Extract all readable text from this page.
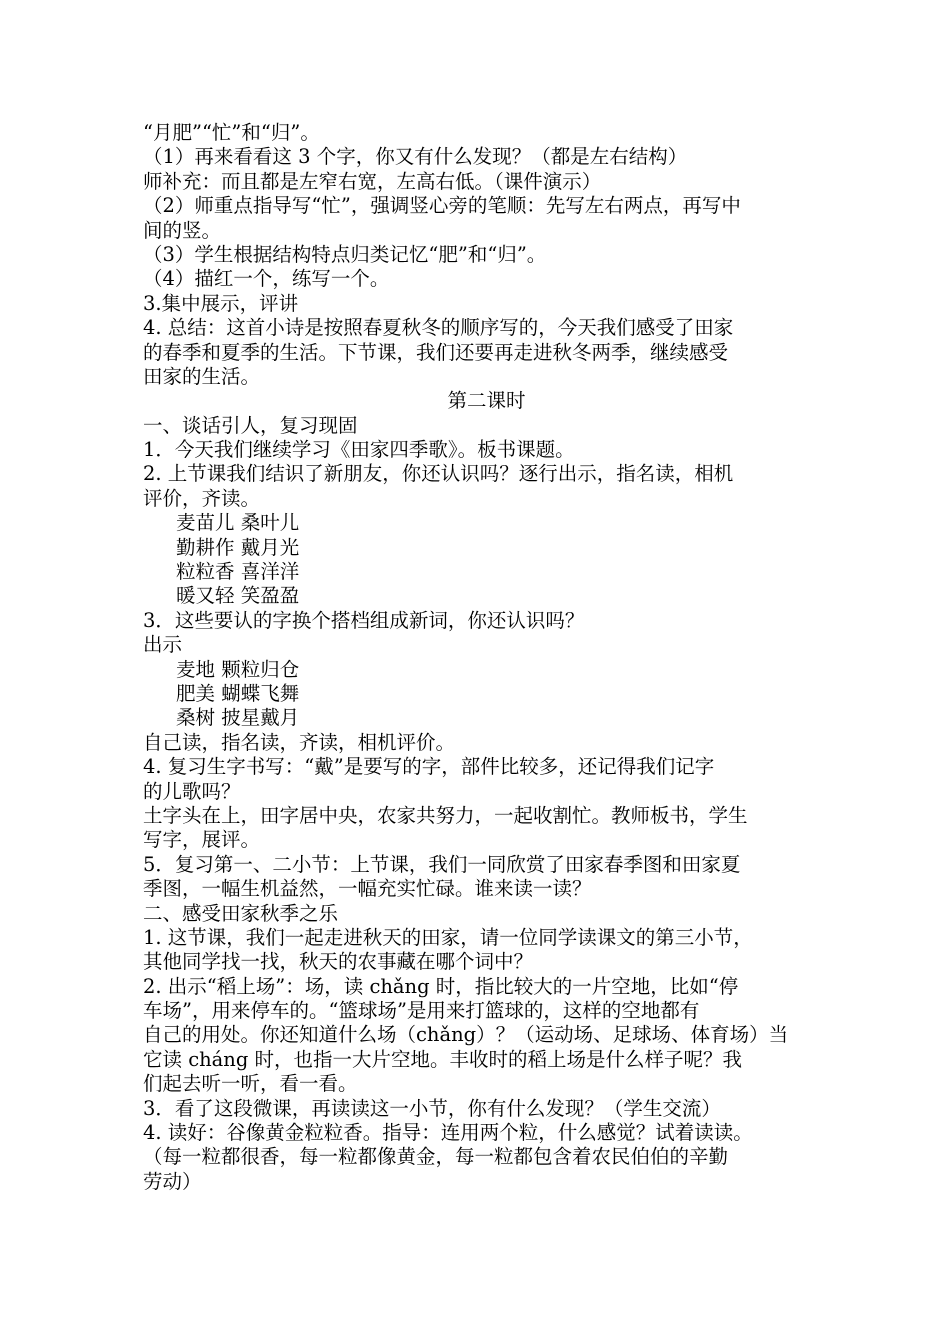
“月肥”“忙”和“归”。
（1）再来看看这 3 个字，你又有什么发现？（都是左右结构）
师补充：而且都是左窄右宽，左高右低。（课件演示）
（2）师重点指导写“忙”，强调竖心旁的笔顺：先写左右两点，再写中
间的竖。
（3）学生根据结构特点归类记忆“肥”和“归”。
（4）描红一个，练写一个。
3.集中展示，评讲
4. 总结：这首小诗是按照春夏秋冬的顺序写的，今天我们感受了田家
的春季和夏季的生活。下节课，我们还要再走进秋冬两季，继续感受
田家的生活。
第二课时
一、谈话引人，复习现固
1．今天我们继续学习《田家四季歌》。板书课题。
2. 上节课我们结识了新朋友，你还认识吗？逐行出示，指名读，相机
评价，齐读。
麦苗儿 桑叶儿
勤耕作 戴月光
粒粒香 喜洋洋
暖又轻 笑盈盈
3．这些要认的字换个搭档组成新词，你还认识吗？
出示
麦地 颗粒归仓
肥美 蝴蝶飞舞
桑树 披星戴月
自己读，指名读，齐读，相机评价。
4. 复习生字书写：“戴”是要写的字，部件比较多，还记得我们记字
的儿歌吗？
土字头在上，田字居中央，农家共努力，一起收割忙。教师板书，学生
写字，展评。
5．复习第一、二小节：上节课，我们一同欣赏了田家春季图和田家夏
季图，一幅生机益然，一幅充实忙碌。谁来读一读？
二、感受田家秋季之乐
1. 这节课，我们一起走进秋天的田家，请一位同学读课文的第三小节，
其他同学找一找，秋天的农事藏在哪个词中？
2. 出示“稻上场”：场，读 chǎng 时，指比较大的一片空地，比如“停
车场”，用来停车的。“篮球场”是用来打篮球的，这样的空地都有
自己的用处。你还知道什么场（chǎng）？（运动场、足球场、体育场）当
它读 cháng 时，也指一大片空地。丰收时的稻上场是什么样子呢？我
们起去听一听，看一看。
3．看了这段微课，再读读这一小节，你有什么发现？（学生交流）
4. 读好：谷像黄金粒粒香。指导：连用两个粒，什么感觉？试着读读。
（每一粒都很香，每一粒都像黄金，每一粒都包含着农民伯伯的辛勤
劳动）
